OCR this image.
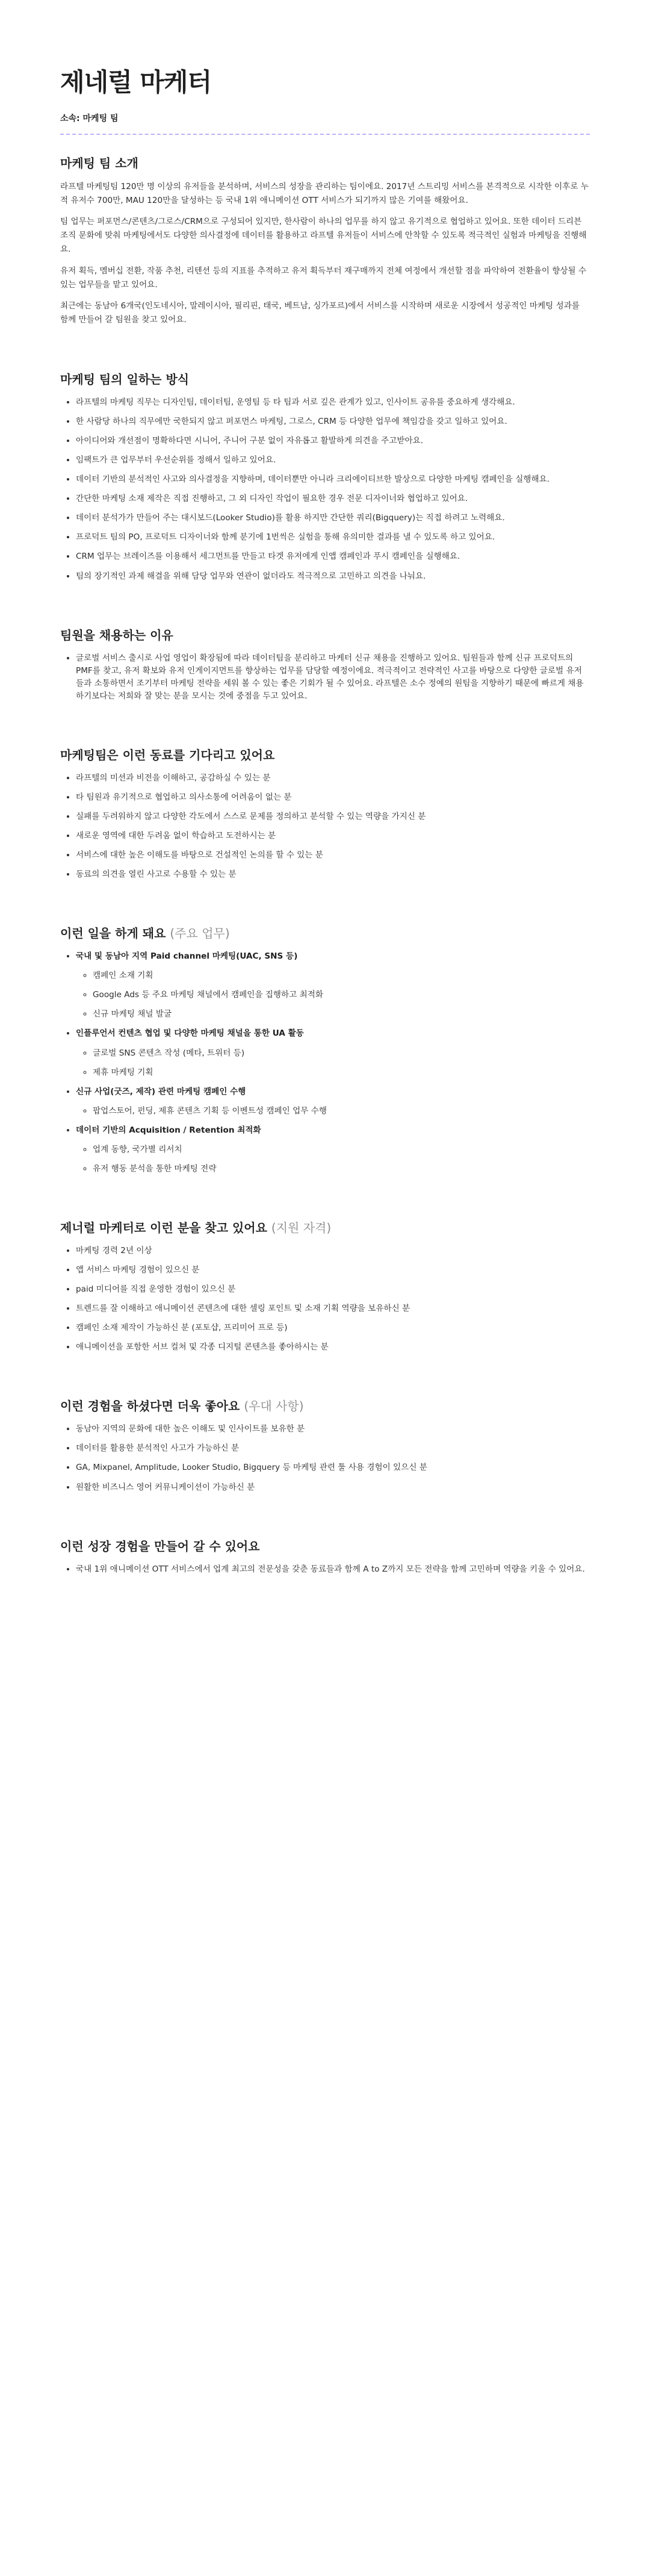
제네럴 마케터
소속: 마케팅 팀
마케팅 팀 소개

라프텔 마케팅팀 120만 명 이상의 유저들을 분석하며, 서비스의 성장을 관리하는 팀이에요. 2017년 스트리밍 서비스를 본격적으로 시작한 이후로 누적 유저수 700만, MAU 120만을 달성하는 등 국내 1위 애니메이션 OTT 서비스가 되기까지 많은 기여를 해왔어요.

팀 업무는 퍼포먼스/콘텐츠/그로스/CRM으로 구성되어 있지만, 한사람이 하나의 업무를 하지 않고 유기적으로 협업하고 있어요. 또한 데이터 드리븐 조직 문화에 맞춰 마케팅에서도 다양한 의사결정에 데이터를 활용하고 라프텔 유저들이 서비스에 안착할 수 있도록 적극적인 실험과 마케팅을 진행해요.

유저 획득, 멤버십 전환, 작품 추천, 리텐션 등의 지표를 추적하고 유저 획득부터 재구매까지 전체 여정에서 개선할 점을 파악하여 전환율이 향상될 수 있는 업무들을 맡고 있어요.

최근에는 동남아 6개국(인도네시아, 말레이시아, 필리핀, 태국, 베트남, 싱가포르)에서 서비스를 시작하며 새로운 시장에서 성공적인 마케팅 성과를 함께 만들어 갈 팀원을 찾고 있어요.

마케팅 팀의 일하는 방식
• 라프텔의 마케팅 직무는 디자인팀, 데이터팀, 운영팀 등 타 팀과 서로 깊은 관계가 있고, 인사이트 공유를 중요하게 생각해요.
• 한 사람당 하나의 직무에만 국한되지 않고 퍼포먼스 마케팅, 그로스, CRM 등 다양한 업무에 책임감을 갖고 일하고 있어요.
• 아이디어와 개선점이 명확하다면 시니어, 주니어 구분 없이 자유롭고 활발하게 의견을 주고받아요.
• 임팩트가 큰 업무부터 우선순위를 정해서 일하고 있어요.
• 데이터 기반의 분석적인 사고와 의사결정을 지향하며, 데이터뿐만 아니라 크리에이티브한 발상으로 다양한 마케팅 캠페인을 실행해요.
• 간단한 마케팅 소재 제작은 직접 진행하고, 그 외 디자인 작업이 필요한 경우 전문 디자이너와 협업하고 있어요.
• 데이터 분석가가 만들어 주는 대시보드(Looker Studio)를 활용 하지만 간단한 쿼리(Bigquery)는 직접 하려고 노력해요.
• 프로덕트 팀의 PO, 프로덕트 디자이너와 함께 분기에 1번씩은 실험을 통해 유의미한 결과를 낼 수 있도록 하고 있어요.
• CRM 업무는 브레이즈를 이용해서 세그먼트를 만들고 타겟 유저에게 인앱 캠페인과 푸시 캠페인을 실행해요.
• 팀의 장기적인 과제 해결을 위해 담당 업무와 연관이 없더라도 적극적으로 고민하고 의견을 나눠요.
팀원을 채용하는 이유
• 글로벌 서비스 출시로 사업 영업이 확장됨에 따라 데이터팀을 분리하고 마케터 신규 채용을 진행하고 있어요. 팀원들과 함께 신규 프로덕트의 PMF를 찾고, 유저 확보와 유저 인게이지먼트를 향상하는 업무를 담당할 예정이에요. 적극적이고 전략적인 사고를 바탕으로 다양한 글로벌 유저들과 소통하면서 조기부터 마케팅 전략을 세워 볼 수 있는 좋은 기회가 될 수 있어요. 라프텔은 소수 정예의 원팀을 지향하기 때문에 빠르게 채용하기보다는 저희와 잘 맞는 분을 모시는 것에 중점을 두고 있어요.
마케팅팀은 이런 동료를 기다리고 있어요
• 라프텔의 미션과 비전을 이해하고, 공감하실 수 있는 분
• 타 팀원과 유기적으로 협업하고 의사소통에 어려움이 없는 분
• 실패를 두려워하지 않고 다양한 각도에서 스스로 문제를 정의하고 분석할 수 있는 역량을 가지신 분
• 새로운 영역에 대한 두려움 없이 학습하고 도전하시는 분
• 서비스에 대한 높은 이해도를 바탕으로 건설적인 논의를 할 수 있는 분
• 동료의 의견을 열린 사고로 수용할 수 있는 분
이런 일을 하게 돼요 (주요 업무)
• 국내 및 동남아 지역 Paid channel 마케팅(UAC, SNS 등)
◦ 캠페인 소재 기획
◦ Google Ads 등 주요 마케팅 채널에서 캠페인을 집행하고 최적화
◦ 신규 마케팅 채널 발굴
• 인플루언서 컨텐츠 협업 및 다양한 마케팅 채널을 통한 UA 활동
◦ 글로벌 SNS 콘텐츠 작성 (메타, 트위터 등)
◦ 제휴 마케팅 기획
• 신규 사업(굿즈, 제작) 관련 마케팅 캠페인 수행
◦ 팝업스토어, 펀딩, 제휴 콘텐츠 기획 등 이벤트성 캠페인 업무 수행
• 데이터 기반의 Acquisition / Retention 최적화
◦ 업계 동향, 국가별 리서치
◦ 유저 행동 분석을 통한 마케팅 전략
제너럴 마케터로 이런 분을 찾고 있어요 (지원 자격)
• 마케팅 경력 2년 이상
• 앱 서비스 마케팅 경험이 있으신 분
• paid 미디어를 직접 운영한 경험이 있으신 분
• 트렌드를 잘 이해하고 애니메이션 콘텐츠에 대한 셀링 포인트 및 소재 기획 역량을 보유하신 분
• 캠페인 소재 제작이 가능하신 분 (포토샵, 프리미어 프로 등)
• 애니메이션을 포함한 서브 컬쳐 및 각종 디지털 콘텐츠를 좋아하시는 분
이런 경험을 하셨다면 더욱 좋아요 (우대 사항)
• 동남아 지역의 문화에 대한 높은 이해도 및 인사이트를 보유한 분
• 데이터를 활용한 분석적인 사고가 가능하신 분
• GA, Mixpanel, Amplitude, Looker Studio, Bigquery 등 마케팅 관련 툴 사용 경험이 있으신 분
• 원활한 비즈니스 영어 커뮤니케이션이 가능하신 분
이런 성장 경험을 만들어 갈 수 있어요
• 국내 1위 애니메이션 OTT 서비스에서 업계 최고의 전문성을 갖춘 동료들과 함께 A to Z까지 모든 전략을 함께 고민하며 역량을 키울 수 있어요.
